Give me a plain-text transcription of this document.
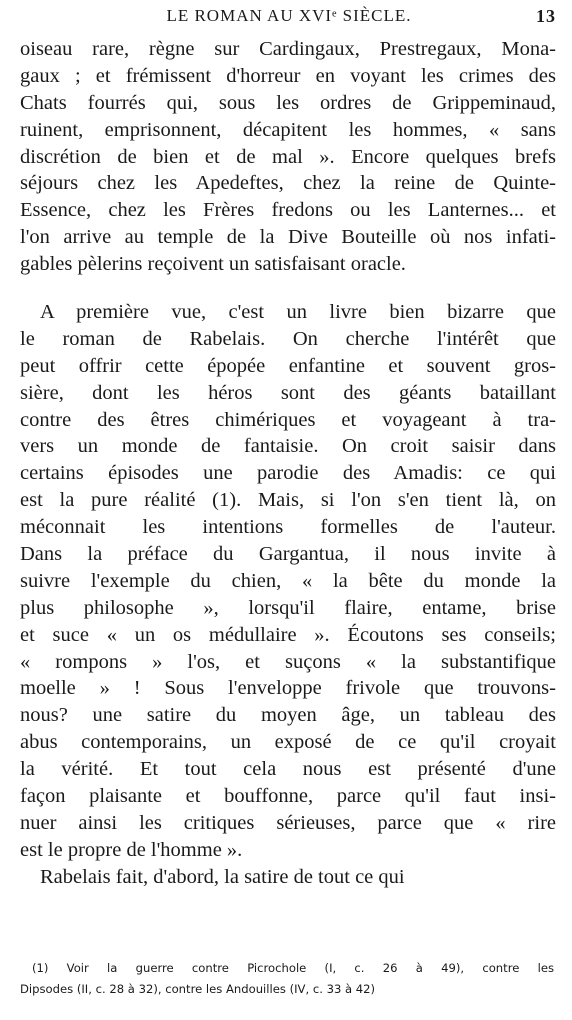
LE ROMAN AU XVIᵉ SIÈCLE.	13
oiseau rare, règne sur Cardingaux, Prestregaux, Mona-
gaux ; et frémissent d'horreur en voyant les crimes des
Chats fourrés qui, sous les ordres de Grippeminaud,
ruinent, emprisonnent, décapitent les hommes, « sans
discrétion de bien et de mal ». Encore quelques brefs
séjours chez les Apedeftes, chez la reine de Quinte-
Essence, chez les Frères fredons ou les Lanternes... et
l'on arrive au temple de la Dive Bouteille où nos infati-
gables pèlerins reçoivent un satisfaisant oracle.
A première vue, c'est un livre bien bizarre que
le roman de Rabelais. On cherche l'intérêt que
peut offrir cette épopée enfantine et souvent gros-
sière, dont les héros sont des géants bataillant
contre des êtres chimériques et voyageant à tra-
vers un monde de fantaisie. On croit saisir dans
certains épisodes une parodie des Amadis: ce qui
est la pure réalité (1). Mais, si l'on s'en tient là, on
méconnait les intentions formelles de l'auteur.
Dans la préface du Gargantua, il nous invite à
suivre l'exemple du chien, « la bête du monde la
plus philosophe », lorsqu'il flaire, entame, brise
et suce « un os médullaire ». Écoutons ses conseils;
« rompons » l'os, et suçons « la substantifique
moelle » ! Sous l'enveloppe frivole que trouvons-
nous? une satire du moyen âge, un tableau des
abus contemporains, un exposé de ce qu'il croyait
la vérité. Et tout cela nous est présenté d'une
façon plaisante et bouffonne, parce qu'il faut insi-
nuer ainsi les critiques sérieuses, parce que « rire
est le propre de l'homme ».
Rabelais fait, d'abord, la satire de tout ce qui
(1) Voir la guerre contre Picrochole (I, c. 26 à 49), contre les
Dipsodes (II, c. 28 à 32), contre les Andouilles (IV, c. 33 à 42)
